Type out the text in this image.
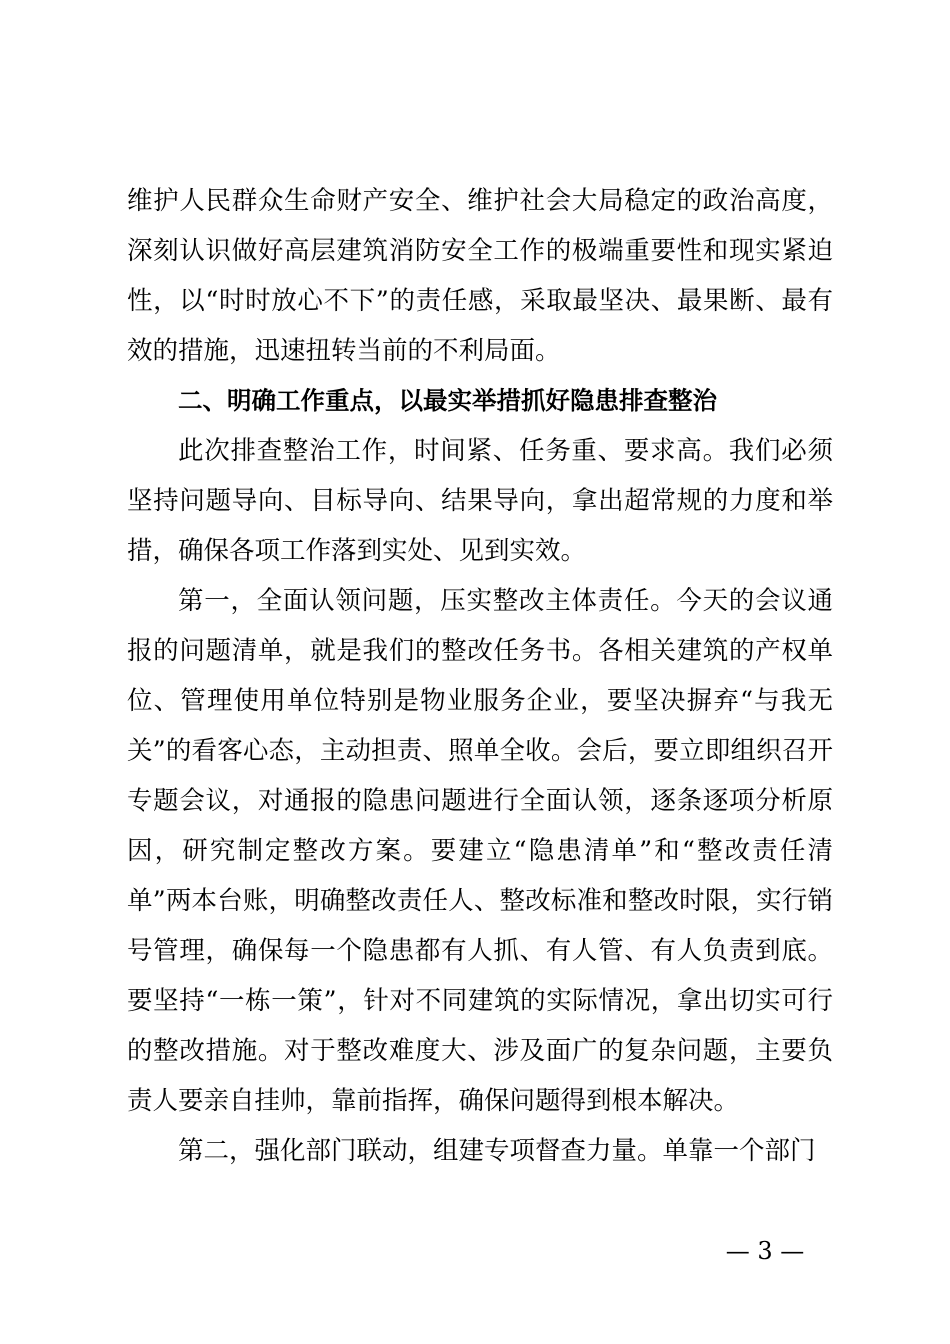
维护人民群众生命财产安全、维护社会大局稳定的政治高度，深刻认识做好高层建筑消防安全工作的极端重要性和现实紧迫性，以“时时放心不下”的责任感，采取最坚决、最果断、最有效的措施，迅速扭转当前的不利局面。

二、明确工作重点，以最实举措抓好隐患排查整治

此次排查整治工作，时间紧、任务重、要求高。我们必须坚持问题导向、目标导向、结果导向，拿出超常规的力度和举措，确保各项工作落到实处、见到实效。

第一，全面认领问题，压实整改主体责任。今天的会议通报的问题清单，就是我们的整改任务书。各相关建筑的产权单位、管理使用单位特别是物业服务企业，要坚决摒弃“与我无关”的看客心态，主动担责、照单全收。会后，要立即组织召开专题会议，对通报的隐患问题进行全面认领，逐条逐项分析原因，研究制定整改方案。要建立“隐患清单”和“整改责任清单”两本台账，明确整改责任人、整改标准和整改时限，实行销号管理，确保每一个隐患都有人抓、有人管、有人负责到底。要坚持“一栋一策”，针对不同建筑的实际情况，拿出切实可行的整改措施。对于整改难度大、涉及面广的复杂问题，主要负责人要亲自挂帅，靠前指挥，确保问题得到根本解决。

第二，强化部门联动，组建专项督查力量。单靠一个部门

— 3 —
